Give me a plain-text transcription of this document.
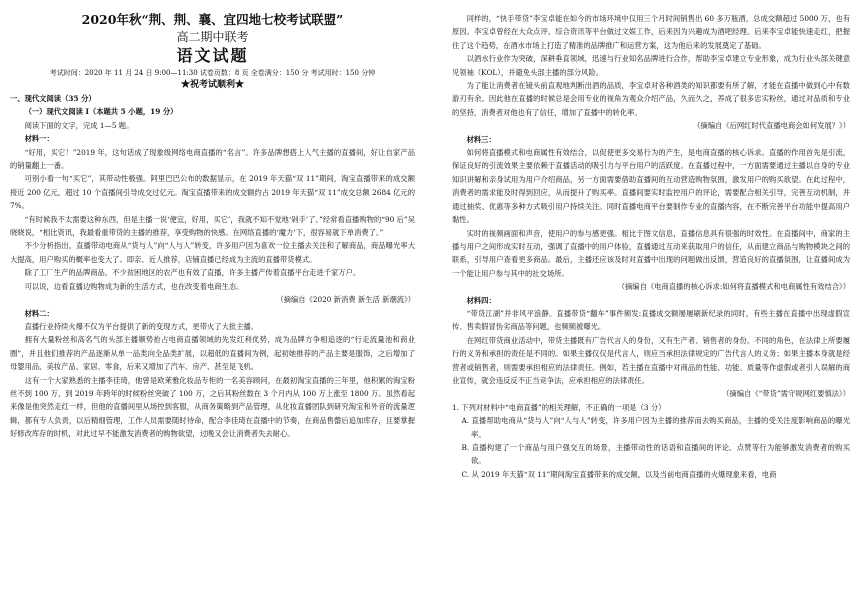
2020年秋“荆、荆、襄、宜四地七校考试联盟”

高二期中联考

语文试题

考试时间：2020 年 11 月 24 日 9:00—11:30 试卷页数：8 页 全卷满分：150 分 考试用时：150 分钟

★祝考试顺利★

一、现代文阅读（35 分）

（一）现代文阅读 I（本题共 5 小题，19 分）

阅读下面的文字，完成 1—5 题。

材料一：

“好用，买它！”2019 年，这句话成了现象级网络电商直播的“名言”。许多品牌想搭上人气主播的直播间，好让自家产品的销量翻上一番。

可别小看一句“买它”，其带动性极强。阿里巴巴公布的数据显示，在 2019 年天猫“双 11”期间，淘宝直播带来的成交额接近 200 亿元，超过 10 个直播间引导成交过亿元。淘宝直播带来的成交额约占 2019 年天猫“双 11”成交总额 2684 亿元的 7%。

“有时候我不太需要这种东西，但是主播一说‘便宜，好用，买它’，我就不知不觉地‘剁手’了。”经常看直播购物的“90 后”吴晓晓说，“相比资讯，我最看重带货的主播的推荐，享受购物的快感。在网络直播的‘魔力’下，很容易就下单消费了。”

不少分析指出，直播带动电商从“货与人”向“人与人”转变，许多用户因为喜欢一位主播去关注和了解商品，商品曝光率大大提高，用户购买的概率也变大了。即亲、近人推荐，店铺直播已经成为主流的直播带货模式。

除了工厂生产的品牌商品，不少贫困地区的农产也有效了直播，许多主播产传着直播平台走进千家万户。

可以说，边看直播边购物成为新的生活方式，也在改变着电商生态。

（摘编自《2020 新消费 新生活 新潮流》）

材料二：

直播行业持续火爆不仅为平台提供了新的变现方式，更带火了大批主播。

拥有大量粉丝和高名气的头部主播顺势抢占电商直播领域的先发红利优势，成为品牌方争相追逐的“行走流量池和商业圈”，并且他们推荐的产品逐渐从单一品类向全品类扩展，以超低的直播间为例，起初她推荐的产品主要是服饰，之后增加了母婴用品、美妆产品、家居、零食，后来又增加了汽车、房产、甚至是飞机。

这有一个大家熟悉的主播李佳琦，他曾是欧莱雅化妆品专柜的一名美容顾问，在最初淘宝直播的三年里，他积累的淘宝粉丝不到 100 万，到 2019 年跨年的时候粉丝突破了 100 万，之后其粉丝数在 3 个月内从 100 万上涨至 1800 万。虽然看起来像是他突然走红一样，但他的直播间里从场控到客服，从商务策略到产品管理，从化妆直播团队到研究淘宝和外音的流量逻辑，都有专人负责，以后精细管理，工作人员需要随时待命，配合李佳琦在直播中的节奏，在商品售罄后追加库存，且要掌握好修改库存的时机，对此过早不能激发消费者的购物欲望，过晚又会让消费者失去耐心。

同样的，“快手带货”李宝卓能在如今的市场环境中仅用三个月时间销售出 60 多万瓶酒，总成交额超过 5000 万，也有原因。李宝卓曾经在大众点评、综合资讯等平台做过文娱工作，后来因为兴趣成为酒吧经理。后来李宝卓能快速走红，把握住了这个趋势，在酒水市场上打造了精准的品牌推广和运营方案，这为他后来的发展奠定了基础。

以酒水行业作为突破，深耕垂直领域，迅速与行业知名品牌进行合作，帮助李宝卓建立专业形象，成为行业头部关键意见领袖（KOL），并避免头部主播的部分风险。

为了能让消费者在镜头前直观地判断出酒的品质，李宝卓对各种酒类的知识都要有所了解，才能在直播中做到心中有数游刃有余。因此他在直播的时候总是会用专业的视角为观众介绍产品，久而久之，养成了很多忠实粉丝，通过对品质和专业的坚持，消费者对他也有了信任，增加了直播中的转化率。

（摘编自《后网红时代直播电商会如何发展？》）

材料三：

如何将直播模式和电商属性有效结合，以促使更多交易行为的产生，是电商直播的核心诉求。直播的作用首先是引流，保证良好的引流效果主要依赖于直播活动的吸引力与平台用户的活跃度。在直播过程中，一方面需要通过主播以自身的专业知识讲解和亲身试用为用户介绍商品，另一方面需要借助直播间的互动营造购物氛围，激发用户的购买欲望。在此过程中，消费者的需求能及时得到回应，从而提升了购买率。直播间要实时监控用户的评论，需要配合相关引导，完善互动机制，并通过抽奖、优惠等多种方式吸引用户持续关注。同时直播电商平台要制作专业的直播内容，在不断完善平台功能中提高用户黏性。

实时的视频画面和声音，使用户的参与感更强。相比于图文信息，直播信息具有很强的时效性。在直播间中，商家的主播与用户之间形成实时互动，强调了直播中的用户体验，直播通过互动来获取用户的信任，从而建立商品与购物模块之间的联系，引导用户查看更多商品。最后，主播还应该及时对直播中出现的问题做出反馈，营造良好的直播氛围，让直播间成为一个能让用户参与其中的社交场所。

（摘编自《电商直播的核心诉求:如何将直播模式和电商属性有效结合》）

材料四：

“带货江湖”并非风平浪静。直播带货“翻车”事件频发:直播成交额屡屡刷新纪录的同时，有些主播在直播中出现虚假宣传、售卖假冒伪劣商品等问题，也频频被曝光。

在网红带货商业活动中，带货主播既有广告代言人的身份，又有生产者、销售者的身份。不同的角色，在法律上所要履行的义务和承担的责任是不同的。如果主播仅仅是代言人，则应当承担法律规定的广告代言人的义务；如果主播本身就是经营者或销售者，则需要承担相应的法律责任。例如，若主播在直播中对商品的性能、功能、质量等作虚假或者引人误解的商业宣传，就会违反反不正当竞争法，应承担相应的法律责任。

（摘编自《“带货”需守规网红要慎法》）

1. 下列对材料中“电商直播”的相关理解，不正确的一项是（3 分）

A. 直播帮助电商从“货与人”向“人与人”转变，许多用户因为主播的推荐而去购买商品，主播的受关注度影响商品的曝光率。

B. 直播构建了一个商品与用户强交互的场景，主播带动性的话语和直播间的评论、点赞等行为能够激发消费者的购买欲。

C. 从 2019 年天猫“双 11”期间淘宝直播带来的成交额，以及当前电商直播的火爆现象来看，电商
